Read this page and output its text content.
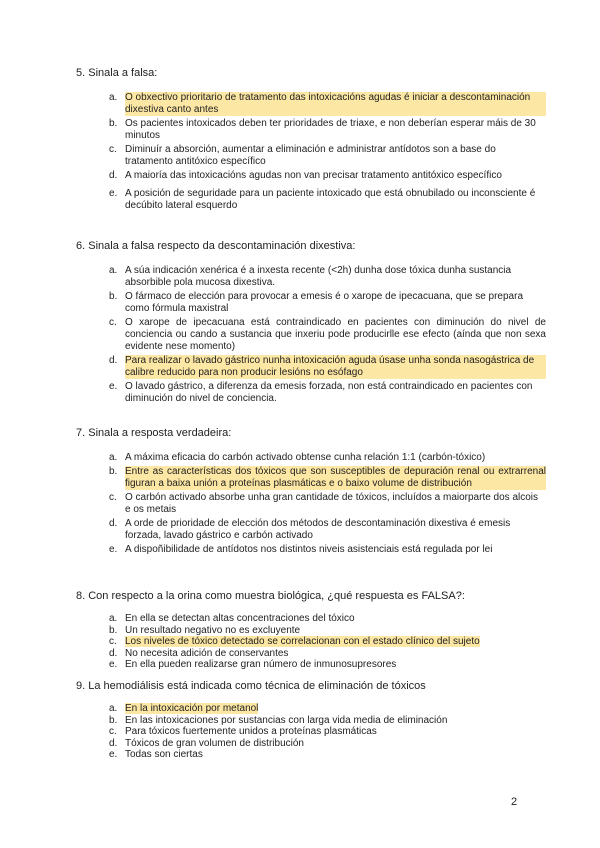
5. Sinala a falsa:

a. O obxectivo prioritario de tratamento das intoxicacións agudas é iniciar a descontaminación dixestiva canto antes
b. Os pacientes intoxicados deben ter prioridades de triaxe, e non deberían esperar máis de 30 minutos
c. Diminuír a absorción, aumentar a eliminación e administrar antídotos son a base do tratamento antitóxico específico
d. A maioría das intoxicacións agudas non van precisar tratamento antitóxico específico
e. A posición de seguridade para un paciente intoxicado que está obnubilado ou inconsciente é decúbito lateral esquerdo

6. Sinala a falsa respecto da descontaminación dixestiva:

a. A súa indicación xenérica é a inxesta recente (<2h) dunha dose tóxica dunha sustancia absorbible pola mucosa dixestiva.
b. O fármaco de elección para provocar a emesis é o xarope de ipecacuana, que se prepara como fórmula maxistral
c. O xarope de ipecacuana está contraindicado en pacientes con diminución do nivel de conciencia ou cando a sustancia que inxeriu pode producirlle ese efecto (aínda que non sexa evidente nese momento)
d. Para realizar o lavado gástrico nunha intoxicación aguda úsase unha sonda nasogástrica de calibre reducido para non producir lesións no esófago
e. O lavado gástrico, a diferenza da emesis forzada, non está contraindicado en pacientes con diminución do nivel de conciencia.

7. Sinala a resposta verdadeira:

a. A máxima eficacia do carbón activado obtense cunha relación 1:1 (carbón-tóxico)
b. Entre as características dos tóxicos que son susceptibles de depuración renal ou extrarrenal figuran a baixa unión a proteínas plasmáticas e o baixo volume de distribución
c. O carbón activado absorbe unha gran cantidade de tóxicos, incluídos a maiorparte dos alcois e os metais
d. A orde de prioridade de elección dos métodos de descontaminación dixestiva é emesis forzada, lavado gástrico e carbón activado
e. A dispoñibilidade de antídotos nos distintos niveis asistenciais está regulada por lei

8. Con respecto a la orina como muestra biológica, ¿qué respuesta es FALSA?:

a. En ella se detectan altas concentraciones del tóxico
b. Un resultado negativo no es excluyente
c. Los niveles de tóxico detectado se correlacionan con el estado clínico del sujeto
d. No necesita adición de conservantes
e. En ella pueden realizarse gran número de inmunosupresores

9. La hemodiálisis está indicada como técnica de eliminación de tóxicos

a. En la intoxicación por metanol
b. En las intoxicaciones por sustancias con larga vida media de eliminación
c. Para tóxicos fuertemente unidos a proteínas plasmáticas
d. Tóxicos de gran volumen de distribución
e. Todas son ciertas
2
